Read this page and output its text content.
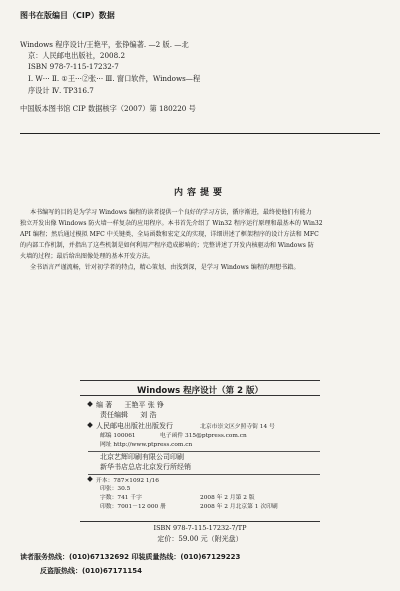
图书在版编目（CIP）数据
Windows 程序设计/王艳平，张铮编著. —2 版. —北
京：人民邮电出版社，2008.2
ISBN 978-7-115-17232-7
Ⅰ. W··· Ⅱ. ①王···②张··· Ⅲ. 窗口软件，Windows—程
序设计 Ⅳ. TP316.7
中国版本图书馆 CIP 数据核字（2007）第 180220 号
内容提要
本书编写的目的是为学习 Windows 编程的读者提供一个良好的学习方法，循序渐进，最终使他们有能力
独立开发出像 Windows 防火墙一样复杂的应用程序。本书首先介绍了 Win32 程序运行原理和最基本的 Win32
API 编程；然后通过模拟 MFC 中关键类、全局函数和宏定义的实现，详细讲述了框架程序的设计方法和 MFC
的内部工作机制，并指出了这些机制是如何利用产程序造成影响的；完整讲述了开发内核驱动和 Windows 防
火墙的过程；最后给出图像处理的基本开发方法。
全书语言严谨流畅，针对初学者的特点，精心策划、由浅到深，是学习 Windows 编程的理想书籍。
Windows 程序设计（第 2 版）
编 著 王艳平 张 铮
责任编辑 刘 浩
人民邮电出版社出版发行	北京市崇文区夕照寺街 14 号
邮编 100061	电子函件 315@ptpress.com.cn
网址 http://www.ptpress.com.cn
北京艺辉印刷有限公司印刷
新华书店总店北京发行所经销
开本：787×1092 1/16
印张：30.5
字数：741 千字	2008 年 2 月第 2 版
印数：7001－12 000 册	2008 年 2 月北京第 1 次印刷
ISBN 978-7-115-17232-7/TP
定价：59.00 元（附光盘）
读者服务热线：(010)67132692 印装质量热线：(010)67129223
反盗版热线：(010)67171154
